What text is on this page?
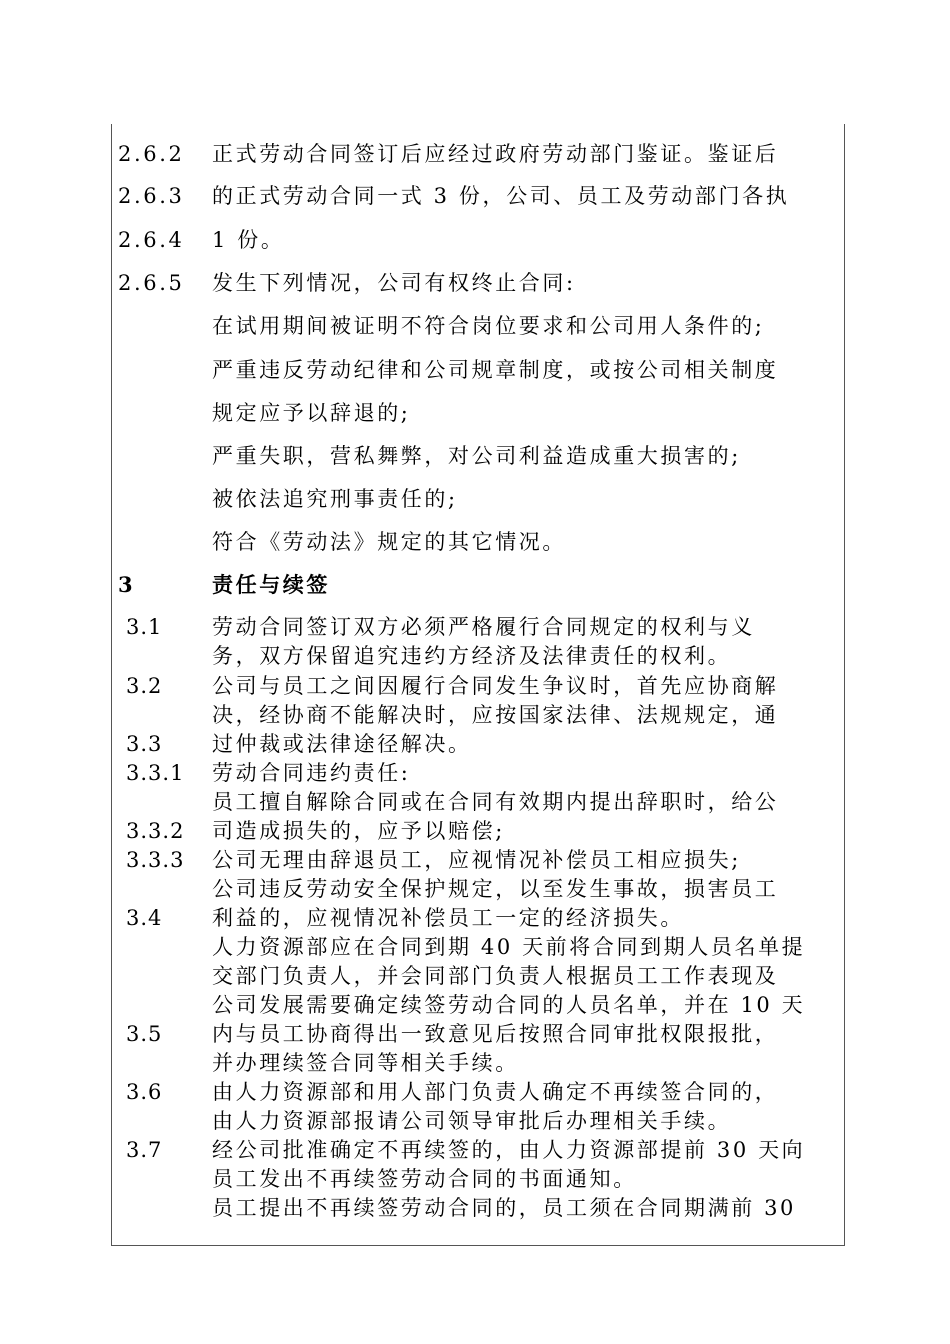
2.6.2
2.6.3
2.6.4
2.6.5
3
3.1
3.2
3.3
3.3.1
3.3.2
3.3.3
3.4
3.5
3.6
3.7
正式劳动合同签订后应经过政府劳动部门鉴证。鉴证后
的正式劳动合同一式 3 份，公司、员工及劳动部门各执
1 份。
发生下列情况，公司有权终止合同:
在试用期间被证明不符合岗位要求和公司用人条件的;
严重违反劳动纪律和公司规章制度，或按公司相关制度
规定应予以辞退的;
严重失职，营私舞弊，对公司利益造成重大损害的;
被依法追究刑事责任的;
符合《劳动法》规定的其它情况。
责任与续签
劳动合同签订双方必须严格履行合同规定的权利与义
务，双方保留追究违约方经济及法律责任的权利。
公司与员工之间因履行合同发生争议时，首先应协商解
决，经协商不能解决时，应按国家法律、法规规定，通
过仲裁或法律途径解决。
劳动合同违约责任:
员工擅自解除合同或在合同有效期内提出辞职时，给公
司造成损失的，应予以赔偿;
公司无理由辞退员工，应视情况补偿员工相应损失;
公司违反劳动安全保护规定，以至发生事故，损害员工
利益的，应视情况补偿员工一定的经济损失。
人力资源部应在合同到期 40 天前将合同到期人员名单提
交部门负责人，并会同部门负责人根据员工工作表现及
公司发展需要确定续签劳动合同的人员名单，并在 10 天
内与员工协商得出一致意见后按照合同审批权限报批，
并办理续签合同等相关手续。
由人力资源部和用人部门负责人确定不再续签合同的，
由人力资源部报请公司领导审批后办理相关手续。
经公司批准确定不再续签的，由人力资源部提前 30 天向
员工发出不再续签劳动合同的书面通知。
员工提出不再续签劳动合同的，员工须在合同期满前 30
